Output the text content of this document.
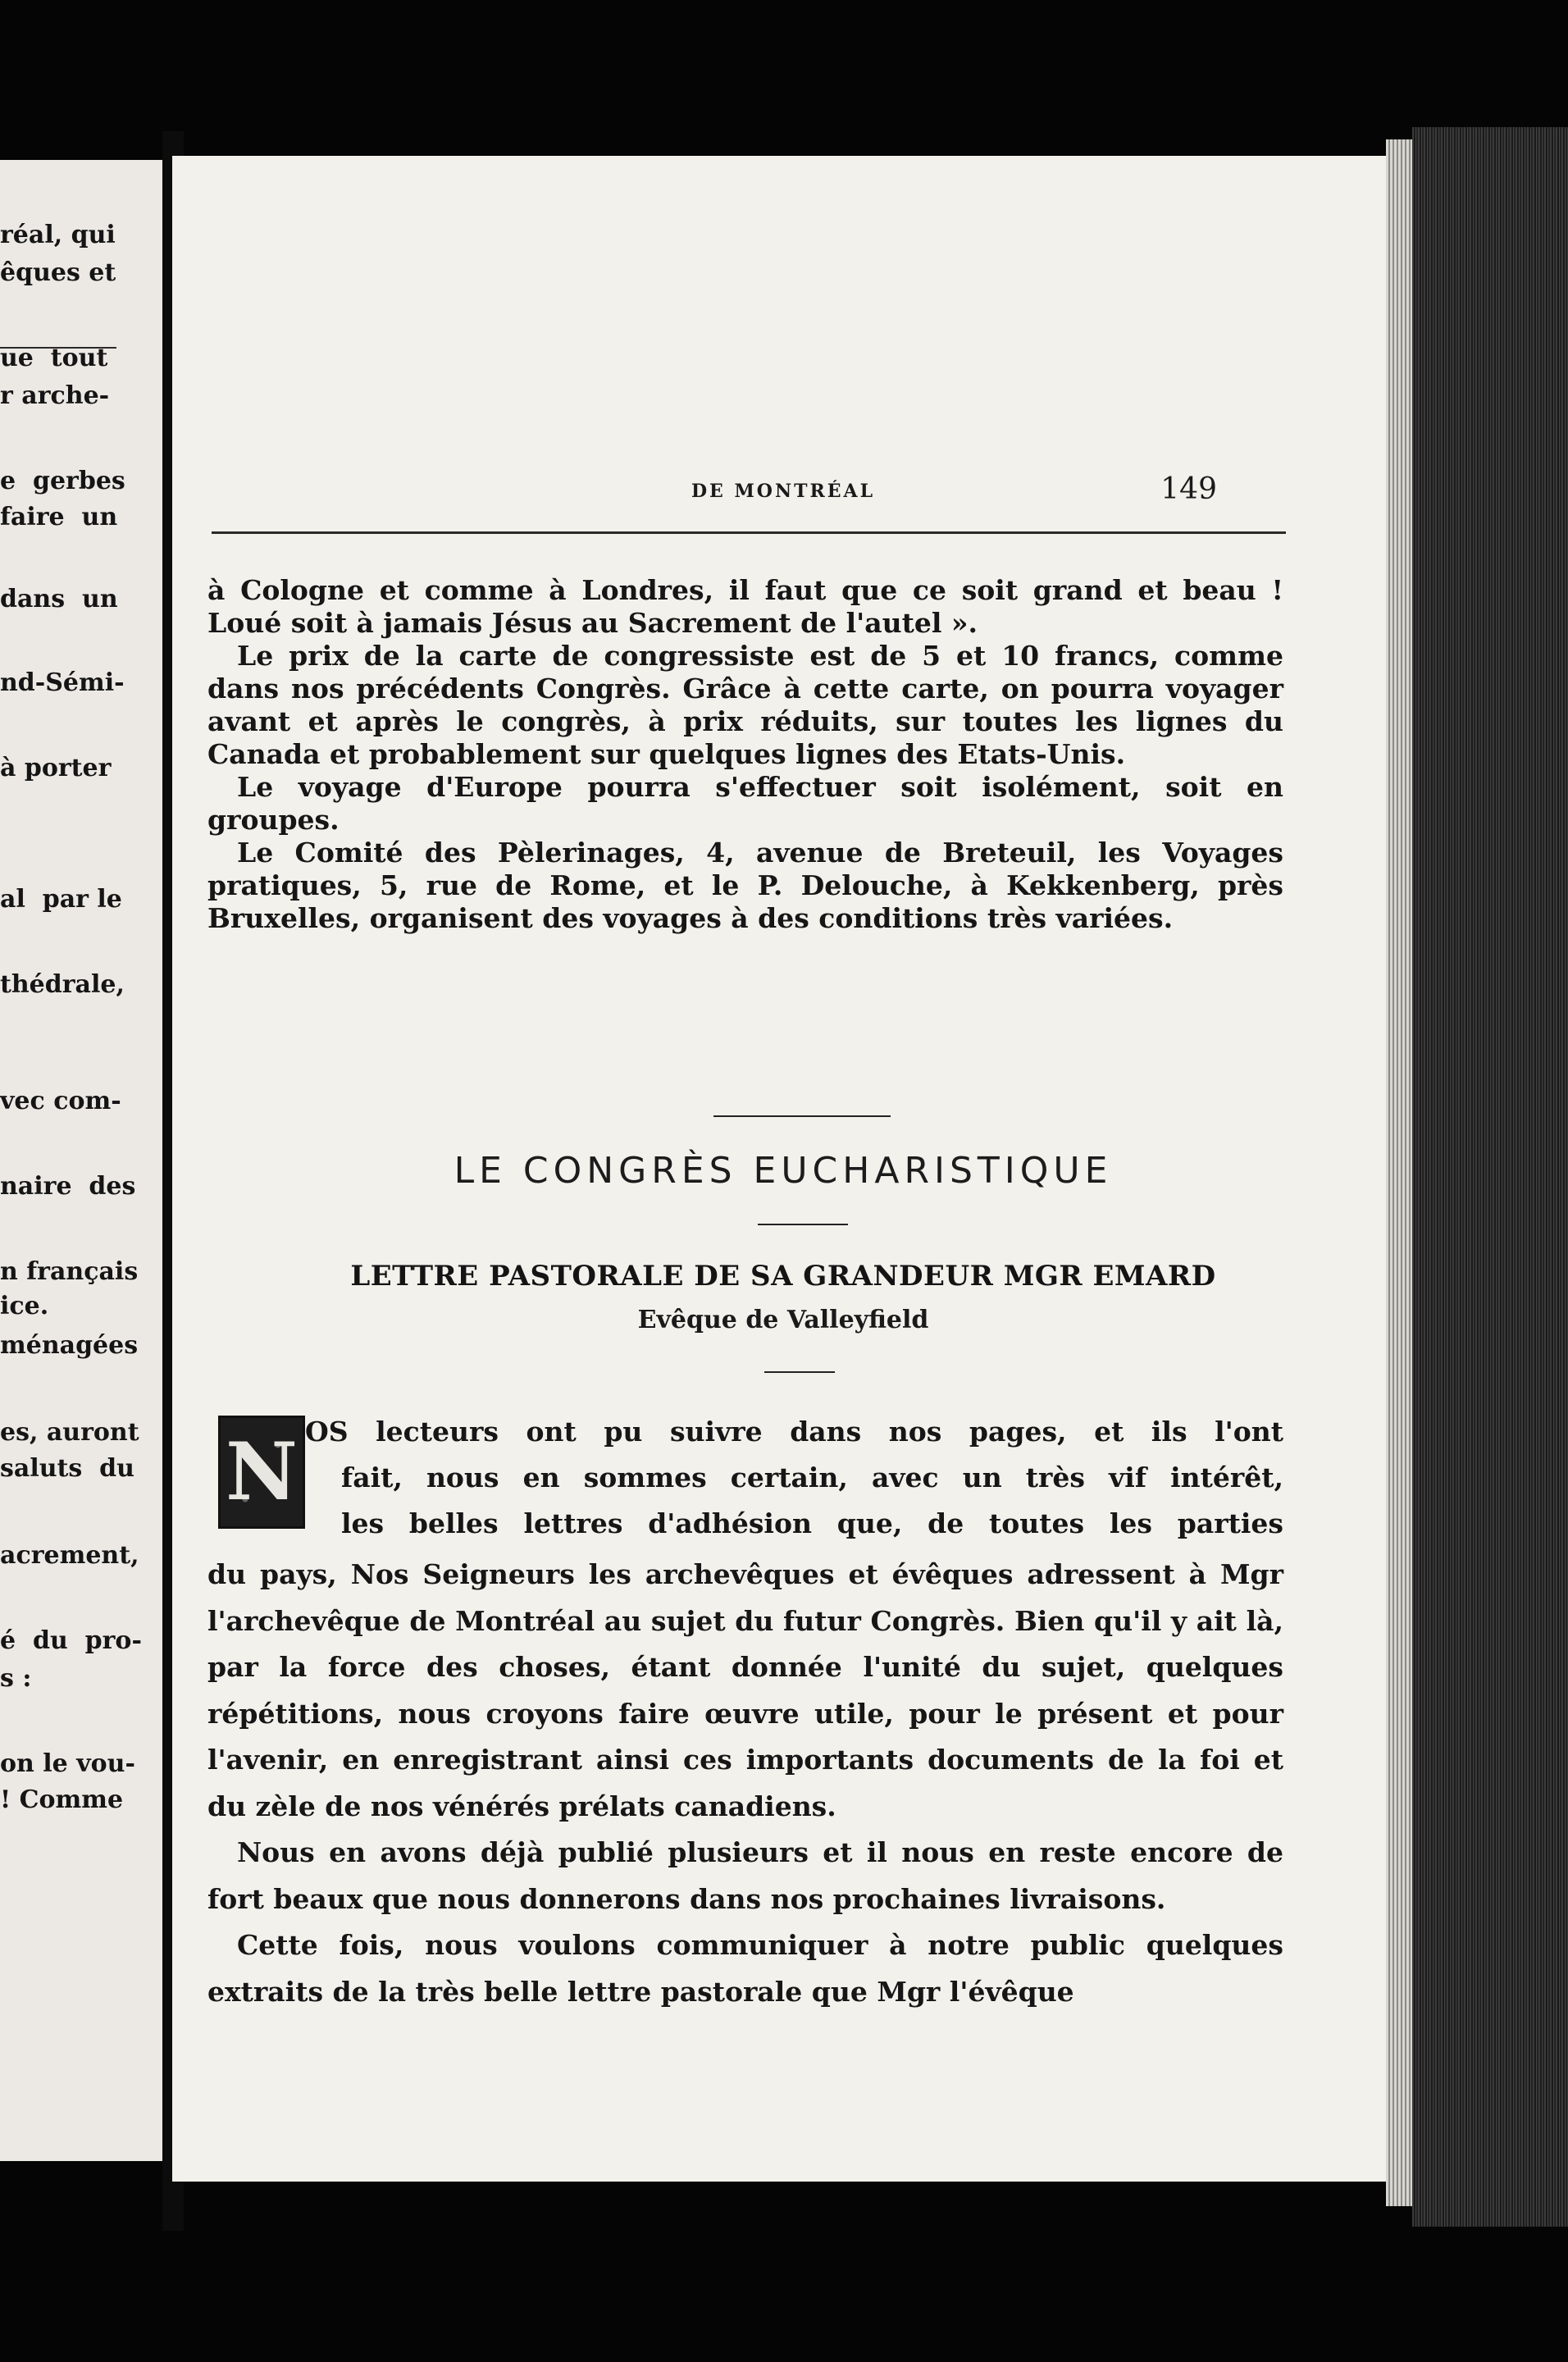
réal, qui
êques et
ue  tout
r arche-
e  gerbes
faire  un
dans  un
nd-Sémi-
à porter
al  par le
thédrale,
vec com-
naire  des
n français
ice.
ménagées
es, auront
saluts  du
acrement,
é  du  pro-
s :
on le vou-
! Comme
DE MONTRÉAL	149

à Cologne et comme à Londres, il faut que ce soit grand et beau ! Loué soit à jamais Jésus au Sacrement de l'autel ».

Le prix de la carte de congressiste est de 5 et 10 francs, comme dans nos précédents Congrès. Grâce à cette carte, on pourra voyager avant et après le congrès, à prix réduits, sur toutes les lignes du Canada et probablement sur quelques lignes des Etats-Unis.

Le voyage d'Europe pourra s'effectuer soit isolément, soit en groupes.

Le Comité des Pèlerinages, 4, avenue de Breteuil, les Voyages pratiques, 5, rue de Rome, et le P. Delouche, à Kekkenberg, près Bruxelles, organisent des voyages à des conditions très variées.

LE CONGRÈS EUCHARISTIQUE
LETTRE PASTORALE DE SA GRANDEUR MGR EMARD
Evêque de Valleyfield
N OS lecteurs ont pu suivre dans nos pages, et ils l'ont
fait, nous en sommes certain, avec un très vif intérêt,
les belles lettres d'adhésion que, de toutes les parties

du pays, Nos Seigneurs les archevêques et évêques adressent à Mgr l'archevêque de Montréal au sujet du futur Congrès. Bien qu'il y ait là, par la force des choses, étant donnée l'unité du sujet, quelques répétitions, nous croyons faire œuvre utile, pour le présent et pour l'avenir, en enregistrant ainsi ces importants documents de la foi et du zèle de nos vénérés prélats canadiens.

Nous en avons déjà publié plusieurs et il nous en reste encore de fort beaux que nous donnerons dans nos prochaines livraisons.

Cette fois, nous voulons communiquer à notre public quelques extraits de la très belle lettre pastorale que Mgr l'évêque
